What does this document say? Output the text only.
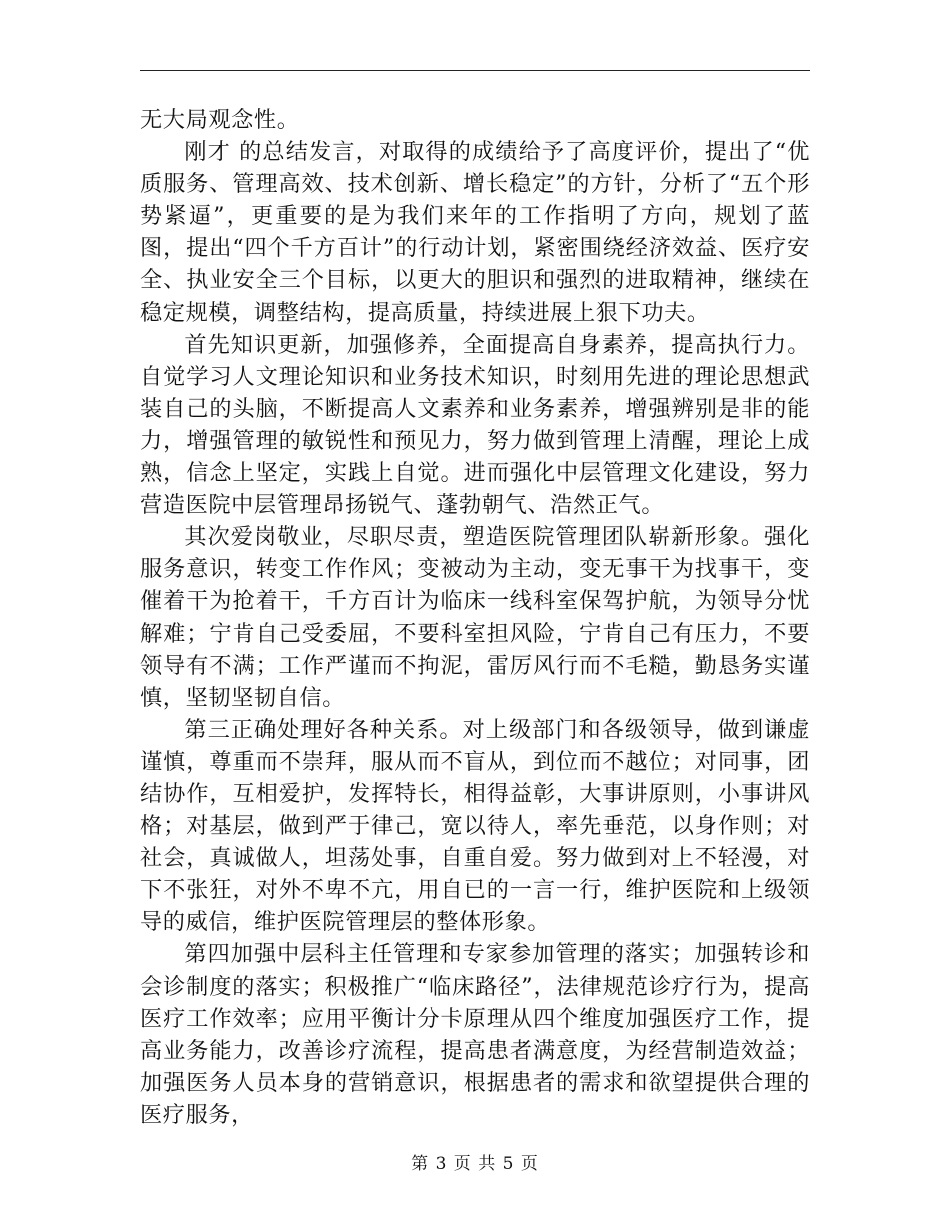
无大局观念性。

刚才 的总结发言，对取得的成绩给予了高度评价，提出了“优质服务、管理高效、技术创新、增长稳定”的方针，分析了“五个形势紧逼”，更重要的是为我们来年的工作指明了方向，规划了蓝图，提出“四个千方百计”的行动计划，紧密围绕经济效益、医疗安全、执业安全三个目标，以更大的胆识和强烈的进取精神，继续在稳定规模，调整结构，提高质量，持续进展上狠下功夫。

首先知识更新，加强修养，全面提高自身素养，提高执行力。自觉学习人文理论知识和业务技术知识，时刻用先进的理论思想武装自己的头脑，不断提高人文素养和业务素养，增强辨别是非的能力，增强管理的敏锐性和预见力，努力做到管理上清醒，理论上成熟，信念上坚定，实践上自觉。进而强化中层管理文化建设，努力营造医院中层管理昂扬锐气、蓬勃朝气、浩然正气。

其次爱岗敬业，尽职尽责，塑造医院管理团队崭新形象。强化服务意识，转变工作作风；变被动为主动，变无事干为找事干，变催着干为抢着干，千方百计为临床一线科室保驾护航，为领导分忧解难；宁肯自己受委屈，不要科室担风险，宁肯自己有压力，不要领导有不满；工作严谨而不拘泥，雷厉风行而不毛糙，勤恳务实谨慎，坚韧坚韧自信。

第三正确处理好各种关系。对上级部门和各级领导，做到谦虚谨慎，尊重而不崇拜，服从而不盲从，到位而不越位；对同事，团结协作，互相爱护，发挥特长，相得益彰，大事讲原则，小事讲风格；对基层，做到严于律己，宽以待人，率先垂范，以身作则；对社会，真诚做人，坦荡处事，自重自爱。努力做到对上不轻漫，对下不张狂，对外不卑不亢，用自已的一言一行，维护医院和上级领导的威信，维护医院管理层的整体形象。

第四加强中层科主任管理和专家参加管理的落实；加强转诊和会诊制度的落实；积极推广“临床路径”，法律规范诊疗行为，提高医疗工作效率；应用平衡计分卡原理从四个维度加强医疗工作，提高业务能力，改善诊疗流程，提高患者满意度，为经营制造效益；加强医务人员本身的营销意识，根据患者的需求和欲望提供合理的医疗服务，

第 3 页 共 5 页
